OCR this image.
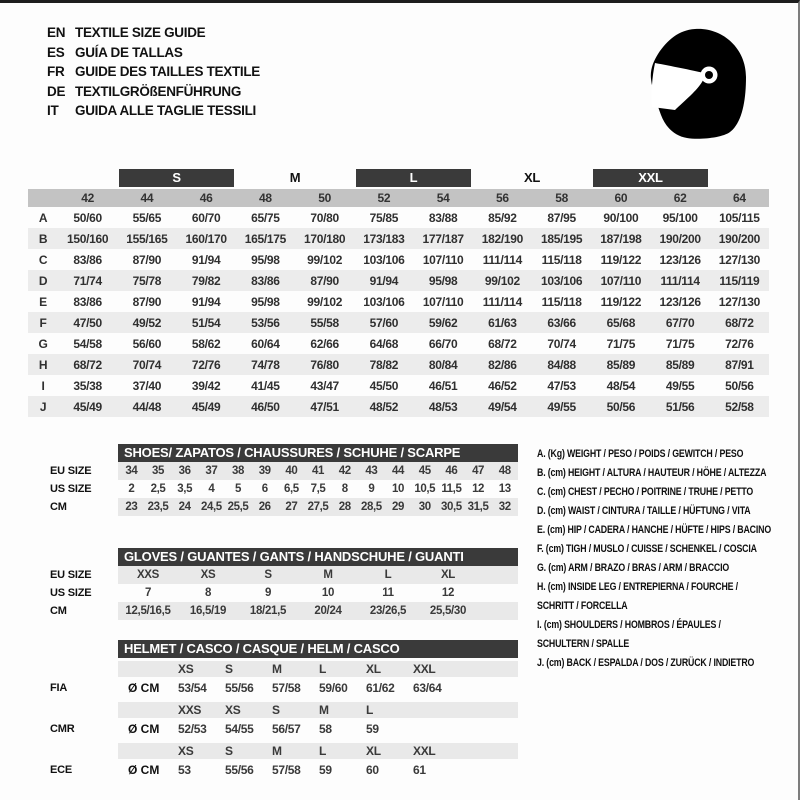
EN TEXTILE SIZE GUIDE
ES GUÍA DE TALLAS
FR GUIDE DES TAILLES TEXTILE
DE TEXTILGRÖßENFÜHRUNG
IT GUIDA ALLE TAGLIE TESSILI

		S		M		L		XL		XXL		

	42	44	46	48	50	52	54	56	58	60	62	64
A	50/60	55/65	60/70	65/75	70/80	75/85	83/88	85/92	87/95	90/100	95/100	105/115
B	150/160	155/165	160/170	165/175	170/180	173/183	177/187	182/190	185/195	187/198	190/200	190/200
C	83/86	87/90	91/94	95/98	99/102	103/106	107/110	111/114	115/118	119/122	123/126	127/130
D	71/74	75/78	79/82	83/86	87/90	91/94	95/98	99/102	103/106	107/110	111/114	115/119
E	83/86	87/90	91/94	95/98	99/102	103/106	107/110	111/114	115/118	119/122	123/126	127/130
F	47/50	49/52	51/54	53/56	55/58	57/60	59/62	61/63	63/66	65/68	67/70	68/72
G	54/58	56/60	58/62	60/64	62/66	64/68	66/70	68/72	70/74	71/75	71/75	72/76
H	68/72	70/74	72/76	74/78	76/80	78/82	80/84	82/86	84/88	85/89	85/89	87/91
I	35/38	37/40	39/42	41/45	43/47	45/50	46/51	46/52	47/53	48/54	49/55	50/56
J	45/49	44/48	45/49	46/50	47/51	48/52	48/53	49/54	49/55	50/56	51/56	52/58
SHOES/ ZAPATOS / CHAUSSURES / SCHUHE / SCARPE
EU SIZE	34	35	36	37	38	39	40	41	42	43	44	45	46	47	48
US SIZE	2	2,5	3,5	4	5	6	6,5	7,5	8	9	10 10,5 11,5 12	13
CM	23 23,5 24 24,5 25,5 26	27 27,5 28 28,5 29	30 30,5 31,5 32
GLOVES / GUANTES / GANTS / HANDSCHUHE / GUANTI
EU SIZE	XXS	XS	S	M	L	XL
US SIZE	7	8	9	10	11	12
CM	12,5/16,5	16,5/19	18/21,5	20/24	23/26,5	25,5/30
HELMET / CASCO / CASQUE / HELM / CASCO
XS	S	M	L	XL	XXL
FIA	Ø CM	53/54	55/56	57/58	59/60	61/62	63/64
XXS	XS	S	M	L
CMR	Ø CM	52/53	54/55	56/57	58	59
XS	S	M	L	XL	XXL
ECE	Ø CM	53	55/56	57/58	59	60	61
A. (Kg) WEIGHT / PESO / POIDS / GEWITCH / PESO
B. (cm) HEIGHT / ALTURA / HAUTEUR / HÖHE / ALTEZZA
C. (cm) CHEST / PECHO / POITRINE / TRUHE / PETTO
D. (cm) WAIST / CINTURA / TAILLE / HÜFTUNG / VITA
E. (cm) HIP / CADERA / HANCHE / HÜFTE / HIPS / BACINO
F. (cm) TIGH / MUSLO / CUISSE / SCHENKEL / COSCIA
G. (cm) ARM / BRAZO / BRAS / ARM / BRACCIO
H. (cm) INSIDE LEG / ENTREPIERNA / FOURCHE /
SCHRITT / FORCELLA
I. (cm) SHOULDERS / HOMBROS / ÉPAULES /
SCHULTERN / SPALLE
J. (cm) BACK / ESPALDA / DOS / ZURÜCK / INDIETRO
